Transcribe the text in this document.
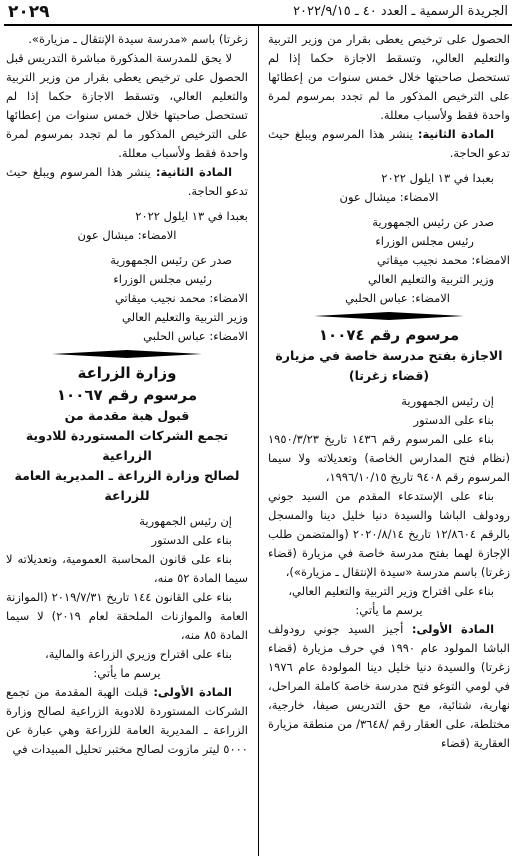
٢٠٢٩	الجريدة الرسمية ـ العدد ٤٠ ـ ٢٠٢٢/٩/١٥

الحصول على ترخيص يعطى بقرار من وزير التربية والتعليم العالي، وتسقط الاجازة حكما إذا لم تستحصل صاحبتها خلال خمس سنوات من إعطائها على الترخيص المذكور ما لم تجدد بمرسوم لمرة واحدة فقط ولأسباب معللة.

المادة الثانية: ينشر هذا المرسوم ويبلغ حيث تدعو الحاجة.

بعبدا في ١٣ ايلول ٢٠٢٢

الامضاء: ميشال عون

صدر عن رئيس الجمهورية

رئيس مجلس الوزراء

الامضاء: محمد نجيب ميقاتي

وزير التربية والتعليم العالي

الامضاء: عباس الحلبي

مرسوم رقم ١٠٠٧٤

الاجازة بفتح مدرسة خاصة في مزيارة

(قضاء زغرتا)

إن رئيس الجمهورية

بناء على الدستور

بناء على المرسوم رقم ١٤٣٦ تاريخ ١٩٥٠/٣/٢٣ (نظام فتح المدارس الخاصة) وتعديلاته ولا سيما المرسوم رقم ٩٤٠٨ تاريخ ١٩٩٦/١٠/١٥،

بناء على الإستدعاء المقدم من السيد جوني رودولف الباشا والسيدة دنيا خليل دينا والمسجل بالرقم ١٢/٨٦٠٤ تاريخ ٢٠٢٠/٨/١٤ (والمتضمن طلب الإجازة لهما بفتح مدرسة خاصة في مزيارة (قضاء زغرتا) باسم مدرسة «سيدة الإنتقال ـ مزيارة»)،

بناء على اقتراح وزير التربية والتعليم العالي،

يرسم ما يأتي:

المادة الأولى: أجيز السيد جوني رودولف الباشا المولود عام ١٩٩٠ في حرف مزيارة (قضاء زغرتا) والسيدة دنيا خليل دينا المولودة عام ١٩٧٦ في لومي التوغو فتح مدرسة خاصة كاملة المراحل، نهارية، شتائية، مع حق التدريس صيفا، خارجية، مختلطة، على العقار رقم /٣٦٤٨/ من منطقة مزيارة العقارية (قضاء

زغرتا) باسم «مدرسة سيدة الإنتقال ـ مزيارة».

لا يحق للمدرسة المذكورة مباشرة التدريس قبل الحصول على ترخيص يعطى بقرار من وزير التربية والتعليم العالي، وتسقط الاجازة حكما إذا لم تستحصل صاحبتها خلال خمس سنوات من إعطائها على الترخيص المذكور ما لم تجدد بمرسوم لمرة واحدة فقط ولأسباب معللة.

المادة الثانية: ينشر هذا المرسوم ويبلغ حيث تدعو الحاجة.

بعبدا في ١٣ ايلول ٢٠٢٢

الامضاء: ميشال عون

صدر عن رئيس الجمهورية

رئيس مجلس الوزراء

الامضاء: محمد نجيب ميقاتي

وزير التربية والتعليم العالي

الامضاء: عباس الحلبي

وزارة الزراعة

مرسوم رقم ١٠٠٦٧

قبول هبة مقدمة من

تجمع الشركات المستوردة للادوية الزراعية

لصالح وزارة الزراعة ـ المديرية العامة للزراعة

إن رئيس الجمهورية

بناء على الدستور

بناء على قانون المحاسبة العمومية، وتعديلاته لا سيما المادة ٥٢ منه،

بناء على القانون ١٤٤ تاريخ ٢٠١٩/٧/٣١ (الموازنة العامة والموازنات الملحقة لعام ٢٠١٩) لا سيما المادة ٨٥ منه،

بناء على اقتراح وزيري الزراعة والمالية،

يرسم ما يأتي:

المادة الأولى: قبلت الهبة المقدمة من تجمع الشركات المستوردة للادوية الزراعية لصالح وزارة الزراعة ـ المديرية العامة للزراعة وهي عبارة عن ٥٠٠٠ ليتر مازوت لصالح مختبر تحليل المبيدات في
